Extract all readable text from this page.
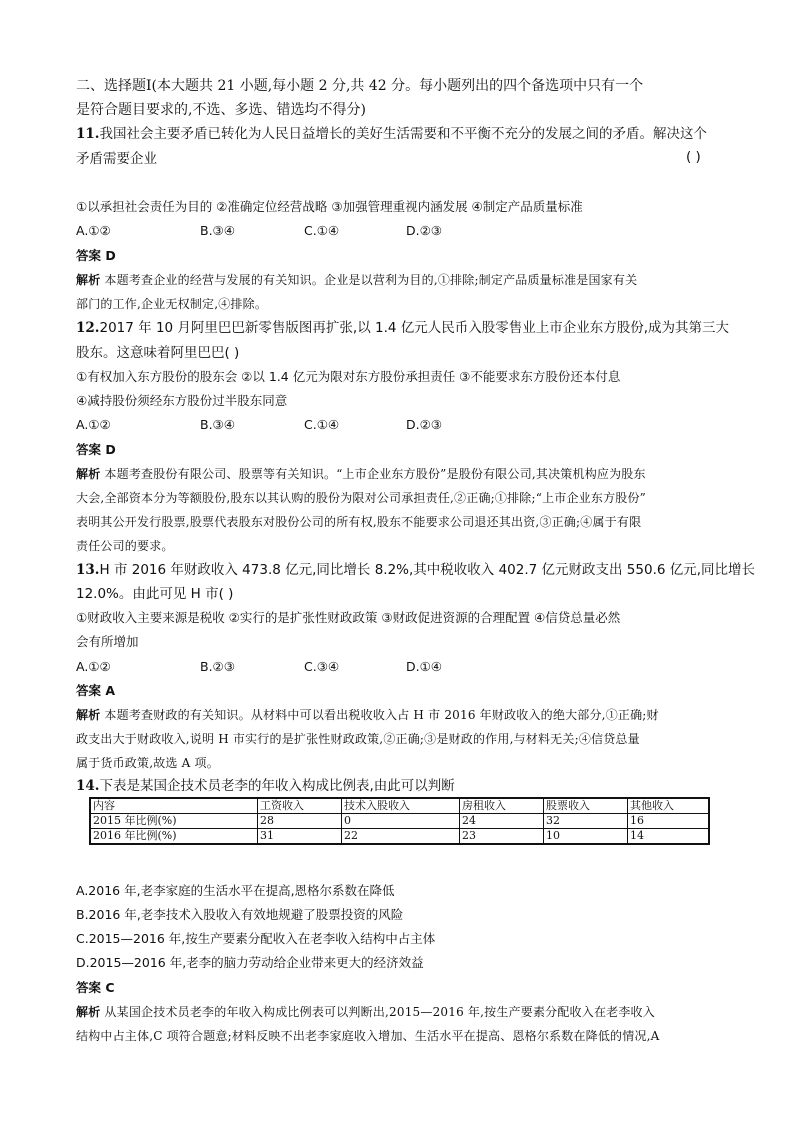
二、选择题Ⅰ(本大题共 21 小题,每小题 2 分,共 42 分。每小题列出的四个备选项中只有一个
是符合题目要求的,不选、多选、错选均不得分)
11.我国社会主要矛盾已转化为人民日益增长的美好生活需要和不平衡不充分的发展之间的矛盾。解决这个
矛盾需要企业	( )
①以承担社会责任为目的 ②准确定位经营战略 ③加强管理重视内涵发展 ④制定产品质量标准
A.①②	B.③④	C.①④	D.②③
答案 D
解析 本题考查企业的经营与发展的有关知识。企业是以营利为目的,①排除;制定产品质量标准是国家有关
部门的工作,企业无权制定,④排除。
12.2017 年 10 月阿里巴巴新零售版图再扩张,以 1.4 亿元人民币入股零售业上市企业东方股份,成为其第三大
股东。这意味着阿里巴巴( )
①有权加入东方股份的股东会 ②以 1.4 亿元为限对东方股份承担责任 ③不能要求东方股份还本付息
④减持股份须经东方股份过半股东同意
A.①②	B.③④	C.①④	D.②③
答案 D
解析 本题考查股份有限公司、股票等有关知识。“上市企业东方股份”是股份有限公司,其决策机构应为股东
大会,全部资本分为等额股份,股东以其认购的股份为限对公司承担责任,②正确;①排除;“上市企业东方股份”
表明其公开发行股票,股票代表股东对股份公司的所有权,股东不能要求公司退还其出资,③正确;④属于有限
责任公司的要求。
13.H 市 2016 年财政收入 473.8 亿元,同比增长 8.2%,其中税收收入 402.7 亿元财政支出 550.6 亿元,同比增长
12.0%。由此可见 H 市( )
①财政收入主要来源是税收 ②实行的是扩张性财政政策 ③财政促进资源的合理配置 ④信贷总量必然
会有所增加
A.①②	B.②③	C.③④	D.①④
答案 A
解析 本题考查财政的有关知识。从材料中可以看出税收收入占 H 市 2016 年财政收入的绝大部分,①正确;财
政支出大于财政收入,说明 H 市实行的是扩张性财政政策,②正确;③是财政的作用,与材料无关;④信贷总量
属于货币政策,故选 A 项。
14.下表是某国企技术员老李的年收入构成比例表,由此可以判断
内容	工资收入	技术入股收入	房租收入	股票收入	其他收入
2015 年比例(%)	28	0	24	32	16
2016 年比例(%)	31	22	23	10	14
A.2016 年,老李家庭的生活水平在提高,恩格尔系数在降低
B.2016 年,老李技术入股收入有效地规避了股票投资的风险
C.2015—2016 年,按生产要素分配收入在老李收入结构中占主体
D.2015—2016 年,老李的脑力劳动给企业带来更大的经济效益
答案 C
解析 从某国企技术员老李的年收入构成比例表可以判断出,2015—2016 年,按生产要素分配收入在老李收入
结构中占主体,C 项符合题意;材料反映不出老李家庭收入增加、生活水平在提高、恩格尔系数在降低的情况,A
